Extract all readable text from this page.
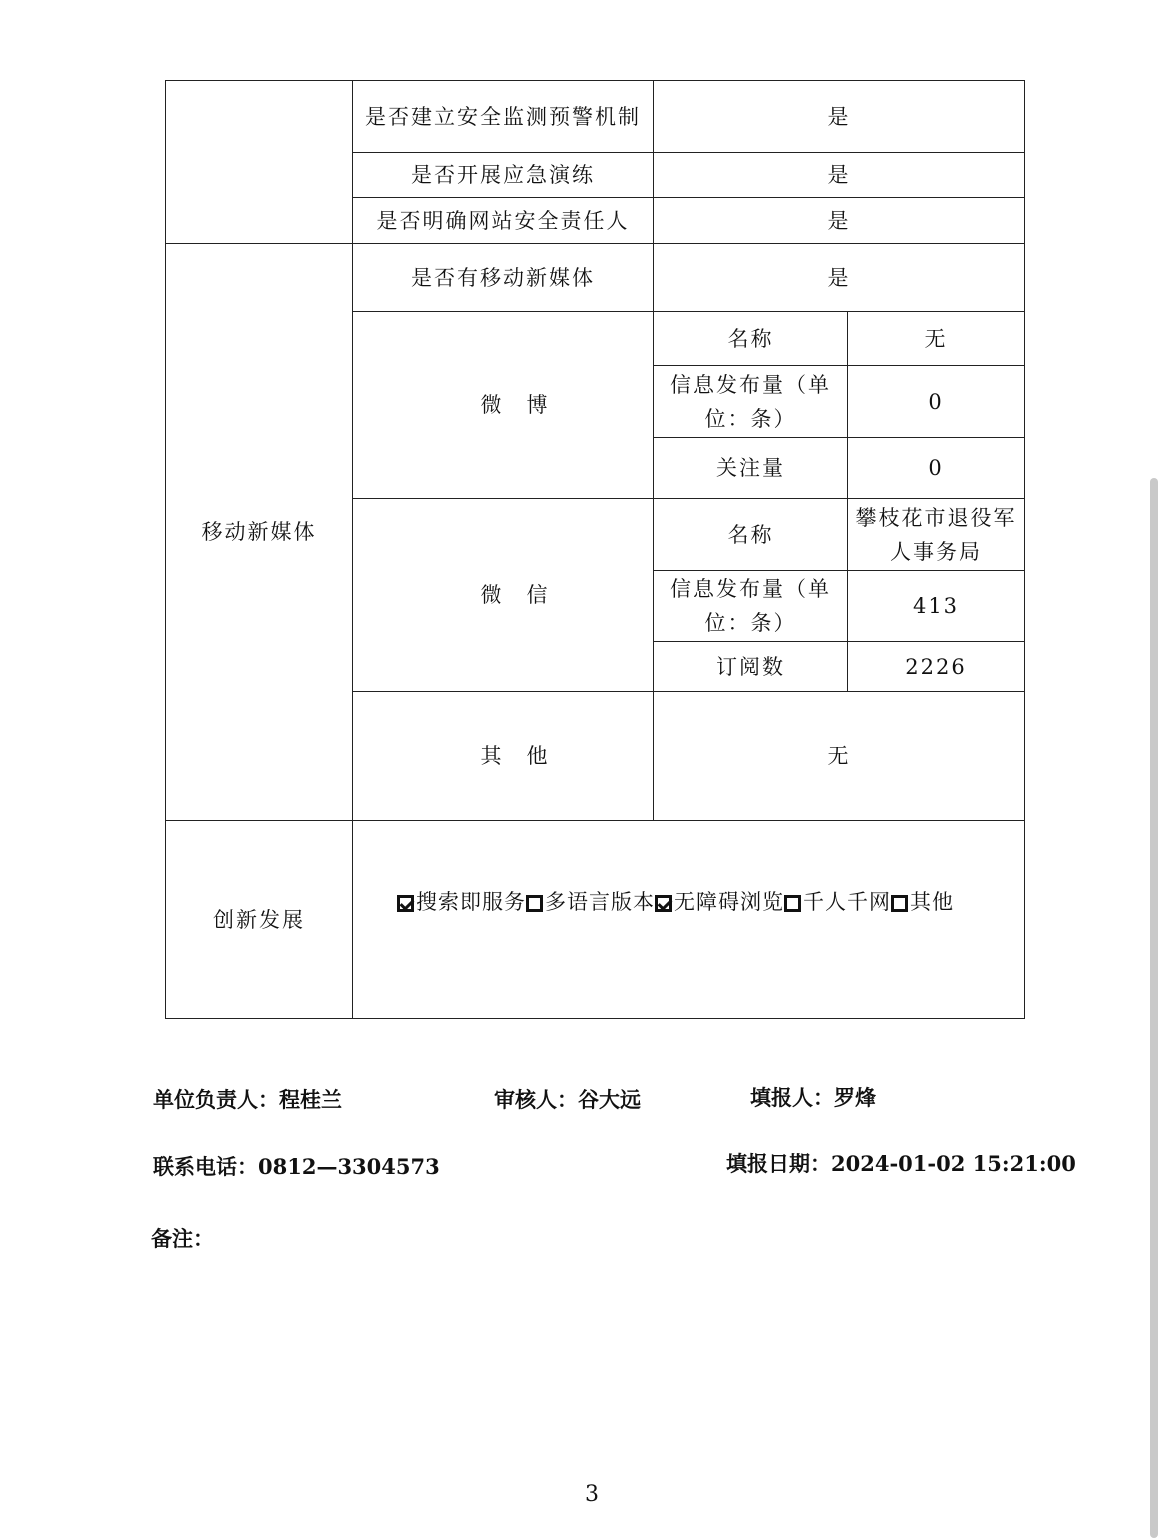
	是否建立安全监测预警机制	是	
	是否开展应急演练	是	
	是否明确网站安全责任人	是	
移动新媒体	是否有移动新媒体	是	
	微　博	名称	无
		信息发布量（单位：条）	0
		关注量	0
	微　信	名称	攀枝花市退役军人事务局
		信息发布量（单位：条）	413
		订阅数	2226
	其　他	无	
创新发展	搜索即服务 多语言版本 无障碍浏览 千人千网 其他		
单位负责人：程桂兰	审核人：谷大远	填报人：罗烽
联系电话：0812—3304573	填报日期：2024-01-02 15:21:00
备注：
3
